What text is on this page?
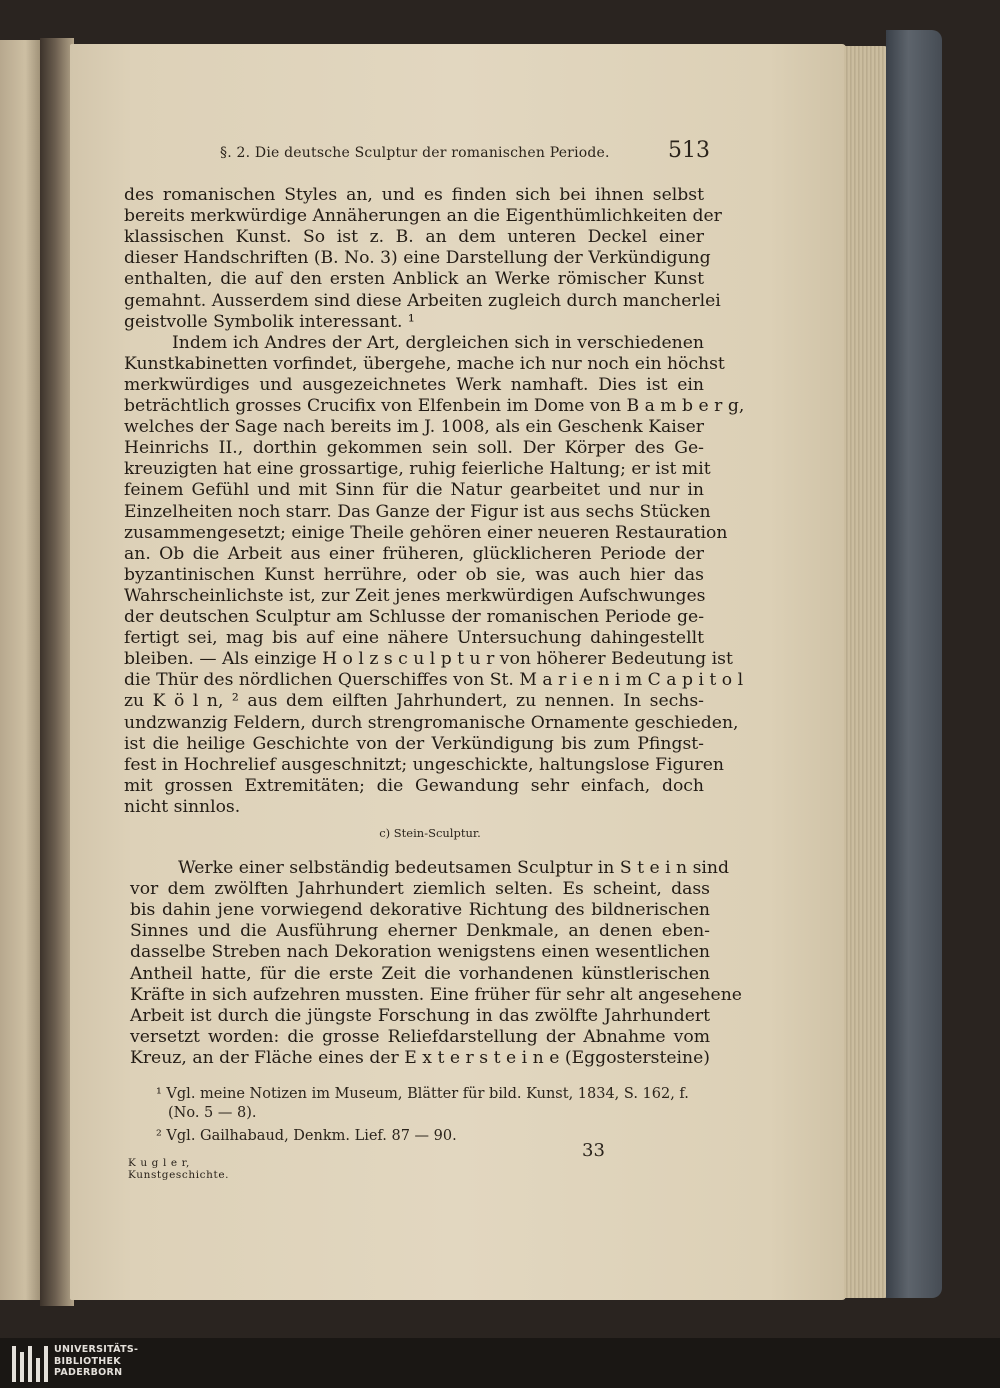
§. 2. Die deutsche Sculptur der romanischen Periode.	513

des romanischen Styles an, und es finden sich bei ihnen selbst

bereits merkwürdige Annäherungen an die Eigenthümlichkeiten der

klassischen Kunst. So ist z. B. an dem unteren Deckel einer

dieser Handschriften (B. No. 3) eine Darstellung der Verkündigung

enthalten, die auf den ersten Anblick an Werke römischer Kunst

gemahnt. Ausserdem sind diese Arbeiten zugleich durch mancherlei

geistvolle Symbolik interessant. ¹

Indem ich Andres der Art, dergleichen sich in verschiedenen

Kunstkabinetten vorfindet, übergehe, mache ich nur noch ein höchst

merkwürdiges und ausgezeichnetes Werk namhaft. Dies ist ein

beträchtlich grosses Crucifix von Elfenbein im Dome von B a m b e r g,

welches der Sage nach bereits im J. 1008, als ein Geschenk Kaiser

Heinrichs II., dorthin gekommen sein soll. Der Körper des Ge-

kreuzigten hat eine grossartige, ruhig feierliche Haltung; er ist mit

feinem Gefühl und mit Sinn für die Natur gearbeitet und nur in

Einzelheiten noch starr. Das Ganze der Figur ist aus sechs Stücken

zusammengesetzt; einige Theile gehören einer neueren Restauration

an. Ob die Arbeit aus einer früheren, glücklicheren Periode der

byzantinischen Kunst herrühre, oder ob sie, was auch hier das

Wahrscheinlichste ist, zur Zeit jenes merkwürdigen Aufschwunges

der deutschen Sculptur am Schlusse der romanischen Periode ge-

fertigt sei, mag bis auf eine nähere Untersuchung dahingestellt

bleiben. — Als einzige H o l z s c u l p t u r von höherer Bedeutung ist

die Thür des nördlichen Querschiffes von St. M a r i e n i m C a p i t o l

zu K ö l n, ² aus dem eilften Jahrhundert, zu nennen. In sechs-

undzwanzig Feldern, durch strengromanische Ornamente geschieden,

ist die heilige Geschichte von der Verkündigung bis zum Pfingst-

fest in Hochrelief ausgeschnitzt; ungeschickte, haltungslose Figuren

mit grossen Extremitäten; die Gewandung sehr einfach, doch

nicht sinnlos.

c) Stein-Sculptur.

Werke einer selbständig bedeutsamen Sculptur in S t e i n sind

vor dem zwölften Jahrhundert ziemlich selten. Es scheint, dass

bis dahin jene vorwiegend dekorative Richtung des bildnerischen

Sinnes und die Ausführung eherner Denkmale, an denen eben-

dasselbe Streben nach Dekoration wenigstens einen wesentlichen

Antheil hatte, für die erste Zeit die vorhandenen künstlerischen

Kräfte in sich aufzehren mussten. Eine früher für sehr alt angesehene

Arbeit ist durch die jüngste Forschung in das zwölfte Jahrhundert

versetzt worden: die grosse Reliefdarstellung der Abnahme vom

Kreuz, an der Fläche eines der E x t e r s t e i n e (Eggostersteine)

¹ Vgl. meine Notizen im Museum, Blätter für bild. Kunst, 1834, S. 162, f.
(No. 5 — 8).
² Vgl. Gailhabaud, Denkm. Lief. 87 — 90.
K u g l e r, Kunstgeschichte.
33
UNIVERSITÄTS-
BIBLIOTHEK
PADERBORN
